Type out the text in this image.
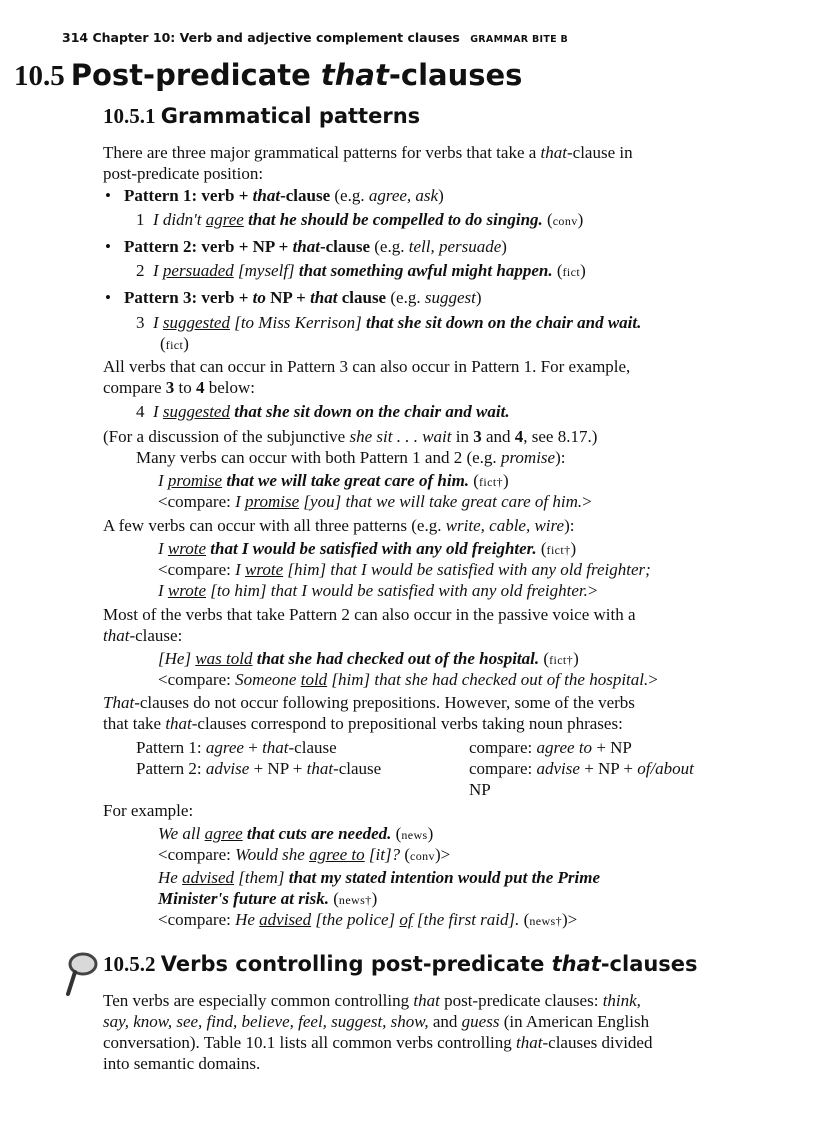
314 Chapter 10: Verb and adjective complement clauses GRAMMAR BITE B
10.5 Post-predicate that-clauses
10.5.1 Grammatical patterns
There are three major grammatical patterns for verbs that take a that-clause in
post-predicate position:
• Pattern 1: verb + that-clause (e.g. agree, ask)
1 I didn't agree that he should be compelled to do singing. (conv)
• Pattern 2: verb + NP + that-clause (e.g. tell, persuade)
2 I persuaded [myself] that something awful might happen. (fict)
• Pattern 3: verb + to NP + that clause (e.g. suggest)
3 I suggested [to Miss Kerrison] that she sit down on the chair and wait.
(fict)
All verbs that can occur in Pattern 3 can also occur in Pattern 1. For example,
compare 3 to 4 below:
4 I suggested that she sit down on the chair and wait.
(For a discussion of the subjunctive she sit . . . wait in 3 and 4, see 8.17.)
Many verbs can occur with both Pattern 1 and 2 (e.g. promise):
I promise that we will take great care of him. (fict†)
<compare: I promise [you] that we will take great care of him.>
A few verbs can occur with all three patterns (e.g. write, cable, wire):
I wrote that I would be satisfied with any old freighter. (fict†)
<compare: I wrote [him] that I would be satisfied with any old freighter;
I wrote [to him] that I would be satisfied with any old freighter.>
Most of the verbs that take Pattern 2 can also occur in the passive voice with a
that-clause:
[He] was told that she had checked out of the hospital. (fict†)
<compare: Someone told [him] that she had checked out of the hospital.>
That-clauses do not occur following prepositions. However, some of the verbs
that take that-clauses correspond to prepositional verbs taking noun phrases:
Pattern 1: agree + that-clause	compare: agree to + NP
Pattern 2: advise + NP + that-clause	compare: advise + NP + of/about
NP
For example:
We all agree that cuts are needed. (news)
<compare: Would she agree to [it]? (conv)>
He advised [them] that my stated intention would put the Prime
Minister's future at risk. (news†)
<compare: He advised [the police] of [the first raid]. (news†)>
10.5.2 Verbs controlling post-predicate that-clauses
Ten verbs are especially common controlling that post-predicate clauses: think,
say, know, see, find, believe, feel, suggest, show, and guess (in American English
conversation). Table 10.1 lists all common verbs controlling that-clauses divided
into semantic domains.
